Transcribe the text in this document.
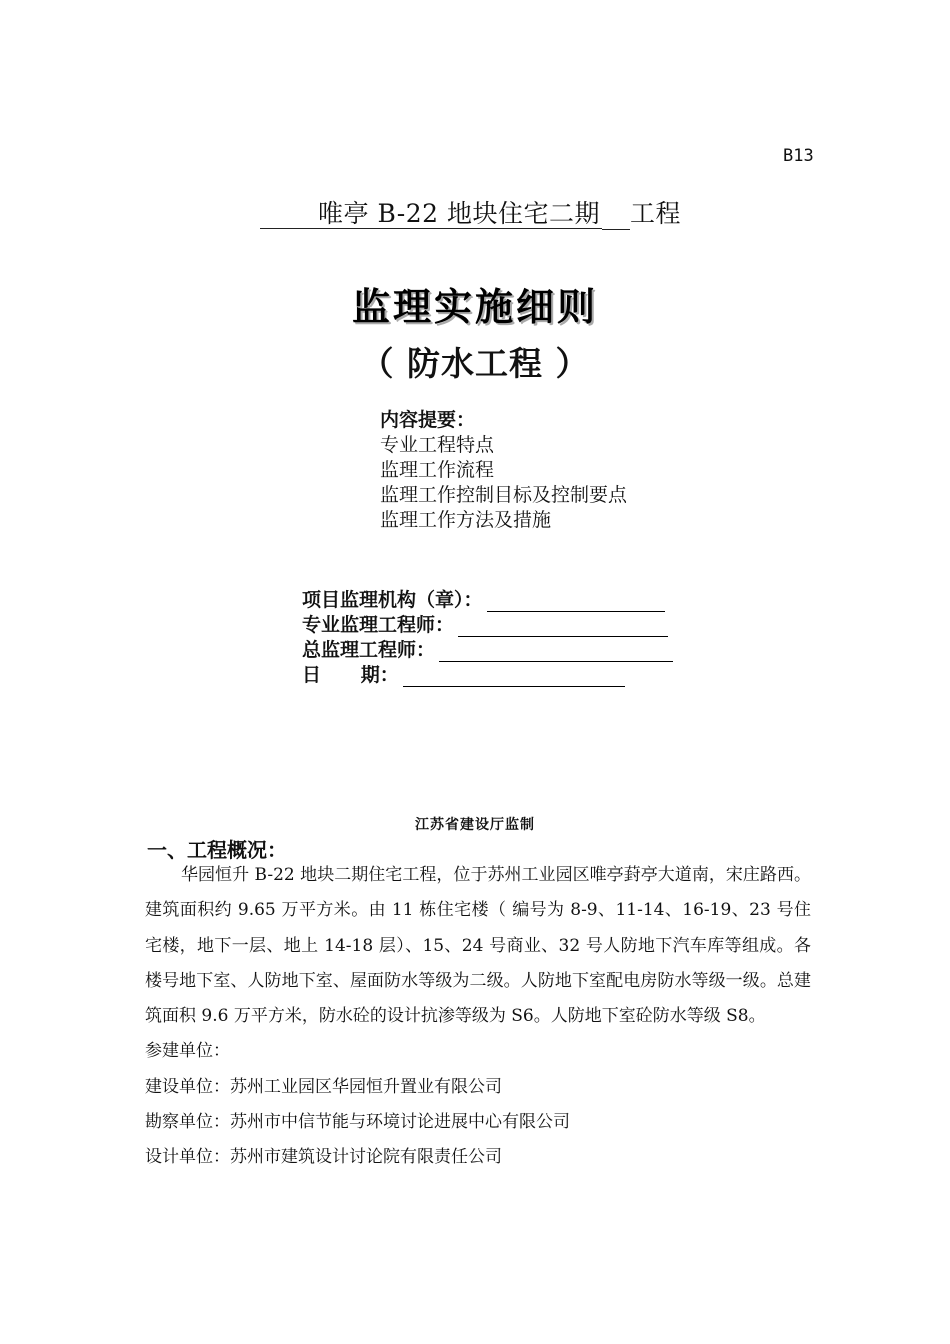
B13
唯亭 B-22 地块住宅二期 工程
监理实施细则
（ 防水工程 ）
内容提要：
专业工程特点
监理工作流程
监理工作控制目标及控制要点
监理工作方法及措施
项目监理机构（章）：
专业监理工程师：
总监理工程师：
日      期：
江苏省建设厅监制
一、工程概况：

华园恒升 B-22 地块二期住宅工程，位于苏州工业园区唯亭葑亭大道南，宋庄路西。建筑面积约 9.65 万平方米。由 11 栋住宅楼（ 编号为 8-9、11-14、16-19、23 号住宅楼，地下一层、地上 14-18 层）、15、24 号商业、32 号人防地下汽车库等组成。各楼号地下室、人防地下室、屋面防水等级为二级。人防地下室配电房防水等级一级。总建筑面积 9.6 万平方米，防水砼的设计抗渗等级为 S6。人防地下室砼防水等级 S8。

参建单位：

建设单位：苏州工业园区华园恒升置业有限公司

勘察单位：苏州市中信节能与环境讨论进展中心有限公司

设计单位：苏州市建筑设计讨论院有限责任公司
